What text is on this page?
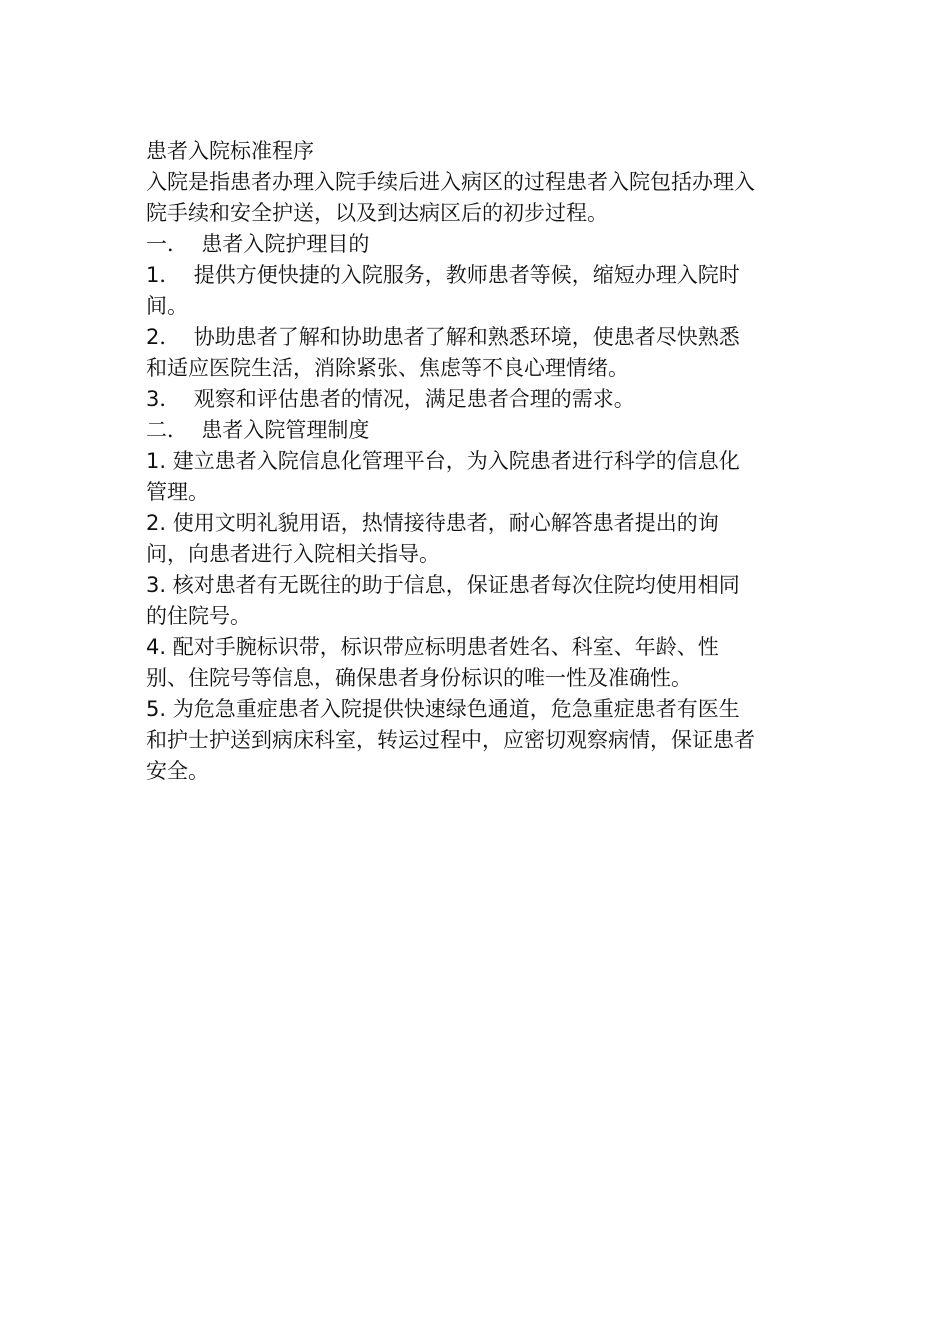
患者入院标准程序

入院是指患者办理入院手续后进入病区的过程患者入院包括办理入院手续和安全护送，以及到达病区后的初步过程。

一．  患者入院护理目的

1．  提供方便快捷的入院服务，教师患者等候，缩短办理入院时间。

2．  协助患者了解和协助患者了解和熟悉环境，使患者尽快熟悉和适应医院生活，消除紧张、焦虑等不良心理情绪。

3．  观察和评估患者的情况，满足患者合理的需求。

二．  患者入院管理制度

1. 建立患者入院信息化管理平台，为入院患者进行科学的信息化管理。

2. 使用文明礼貌用语，热情接待患者，耐心解答患者提出的询问，向患者进行入院相关指导。

3. 核对患者有无既往的助于信息，保证患者每次住院均使用相同的住院号。

4. 配对手腕标识带，标识带应标明患者姓名、科室、年龄、性别、住院号等信息，确保患者身份标识的唯一性及准确性。

5. 为危急重症患者入院提供快速绿色通道，危急重症患者有医生和护士护送到病床科室，转运过程中，应密切观察病情，保证患者安全。
